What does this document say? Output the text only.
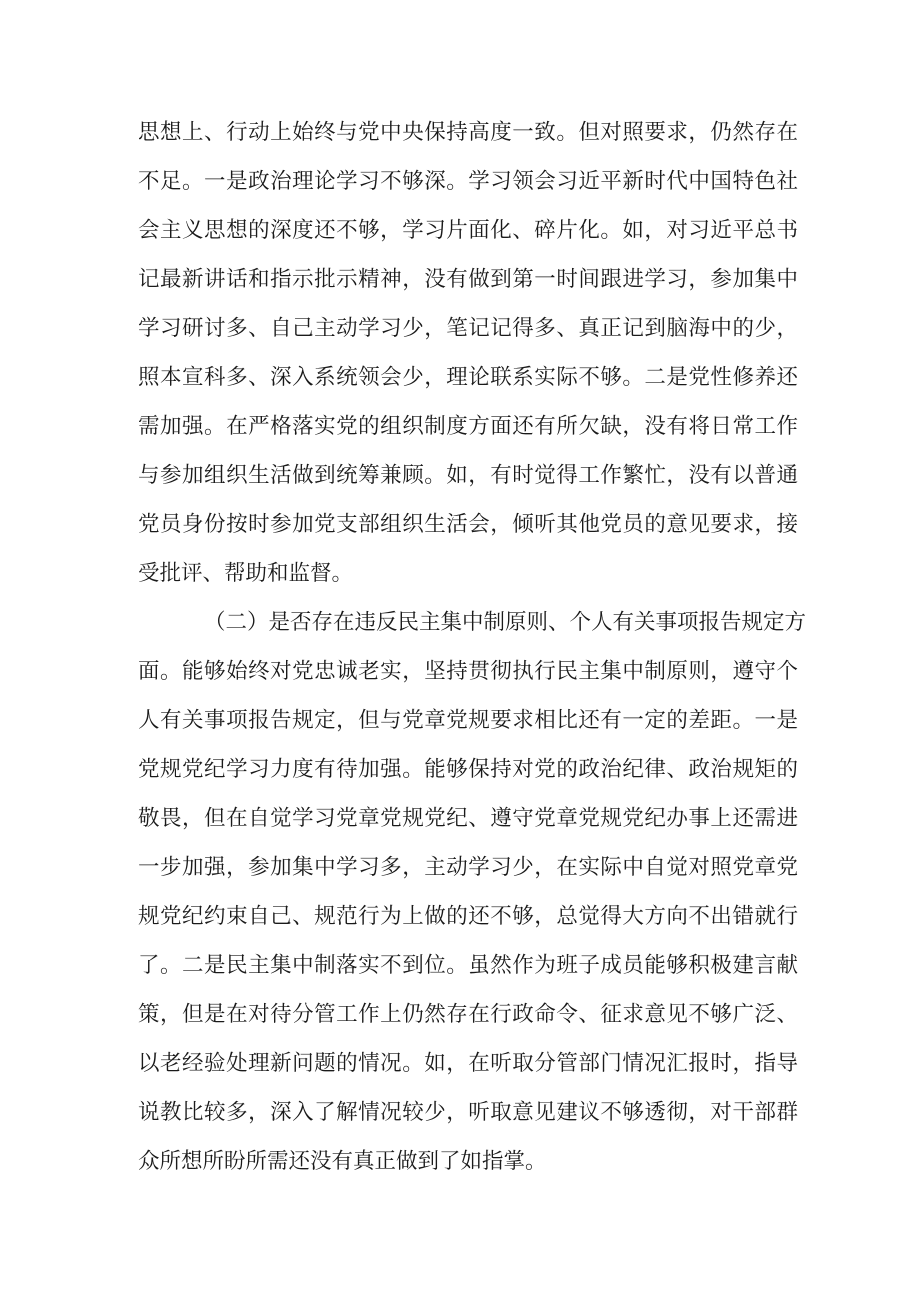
思想上、行动上始终与党中央保持高度一致。但对照要求，仍然存在
不足。一是政治理论学习不够深。学习领会习近平新时代中国特色社
会主义思想的深度还不够，学习片面化、碎片化。如，对习近平总书
记最新讲话和指示批示精神，没有做到第一时间跟进学习，参加集中
学习研讨多、自己主动学习少，笔记记得多、真正记到脑海中的少，
照本宣科多、深入系统领会少，理论联系实际不够。二是党性修养还
需加强。在严格落实党的组织制度方面还有所欠缺，没有将日常工作
与参加组织生活做到统筹兼顾。如，有时觉得工作繁忙，没有以普通
党员身份按时参加党支部组织生活会，倾听其他党员的意见要求，接
受批评、帮助和监督。
（二）是否存在违反民主集中制原则、个人有关事项报告规定方
面。能够始终对党忠诚老实，坚持贯彻执行民主集中制原则，遵守个
人有关事项报告规定，但与党章党规要求相比还有一定的差距。一是
党规党纪学习力度有待加强。能够保持对党的政治纪律、政治规矩的
敬畏，但在自觉学习党章党规党纪、遵守党章党规党纪办事上还需进
一步加强，参加集中学习多，主动学习少，在实际中自觉对照党章党
规党纪约束自己、规范行为上做的还不够，总觉得大方向不出错就行
了。二是民主集中制落实不到位。虽然作为班子成员能够积极建言献
策，但是在对待分管工作上仍然存在行政命令、征求意见不够广泛、
以老经验处理新问题的情况。如，在听取分管部门情况汇报时，指导
说教比较多，深入了解情况较少，听取意见建议不够透彻，对干部群
众所想所盼所需还没有真正做到了如指掌。
